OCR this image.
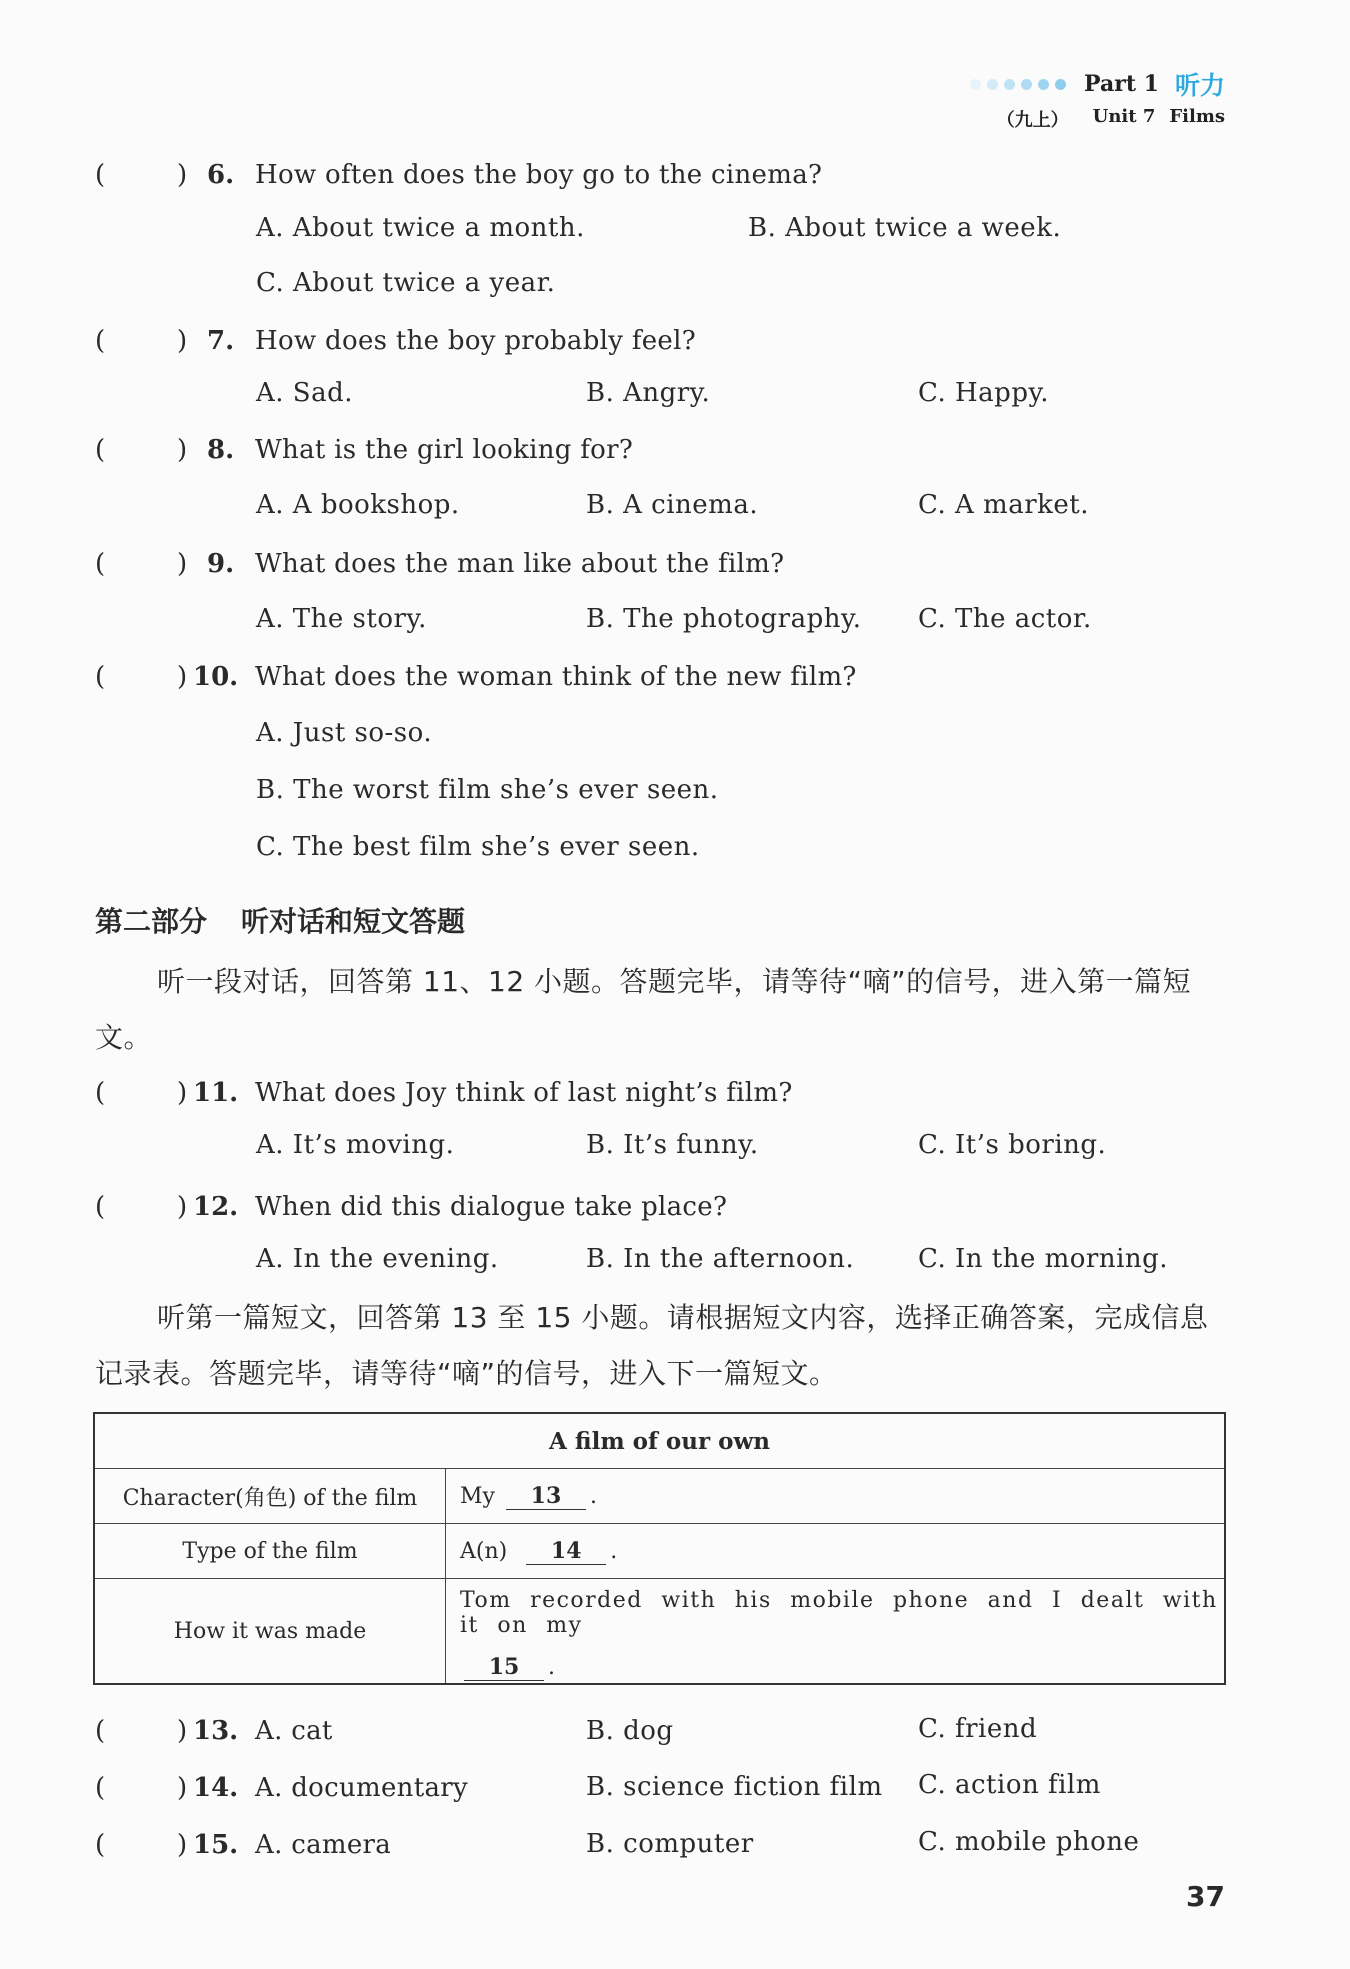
Part 1 听力
（九上） Unit 7 Films
(	) 6. How often does the boy go to the cinema?
A. About twice a month.	B. About twice a week.
C. About twice a year.
(	) 7. How does the boy probably feel?
A. Sad.	B. Angry.	C. Happy.
(	) 8. What is the girl looking for?
A. A bookshop.	B. A cinema.	C. A market.
(	) 9. What does the man like about the film?
A. The story.	B. The photography. C. The actor.
(	) 10. What does the woman think of the new film?
A. Just so-so.
B. The worst film she’s ever seen.
C. The best film she’s ever seen.
第二部分 听对话和短文答题
听一段对话，回答第 11、12 小题。答题完毕，请等待“嘀”的信号，进入第一篇短文。
(	) 11. What does Joy think of last night’s film?
A. It’s moving.	B. It’s funny.	C. It’s boring.
(	) 12. When did this dialogue take place?
A. In the evening.	B. In the afternoon. C. In the morning.
听第一篇短文，回答第 13 至 15 小题。请根据短文内容，选择正确答案，完成信息记录表。答题完毕，请等待“嘀”的信号，进入下一篇短文。
A film of our own	
Character(角色) of the film	My 13 .
Type of the film	A(n) 14 .
How it was made	Tom recorded with his mobile phone and I dealt with it on my
15 .
(	) 13. A. cat	B. dog	C. friend
(	) 14. A. documentary	B. science fiction film C. action film
(	) 15. A. camera	B. computer	C. mobile phone
37
